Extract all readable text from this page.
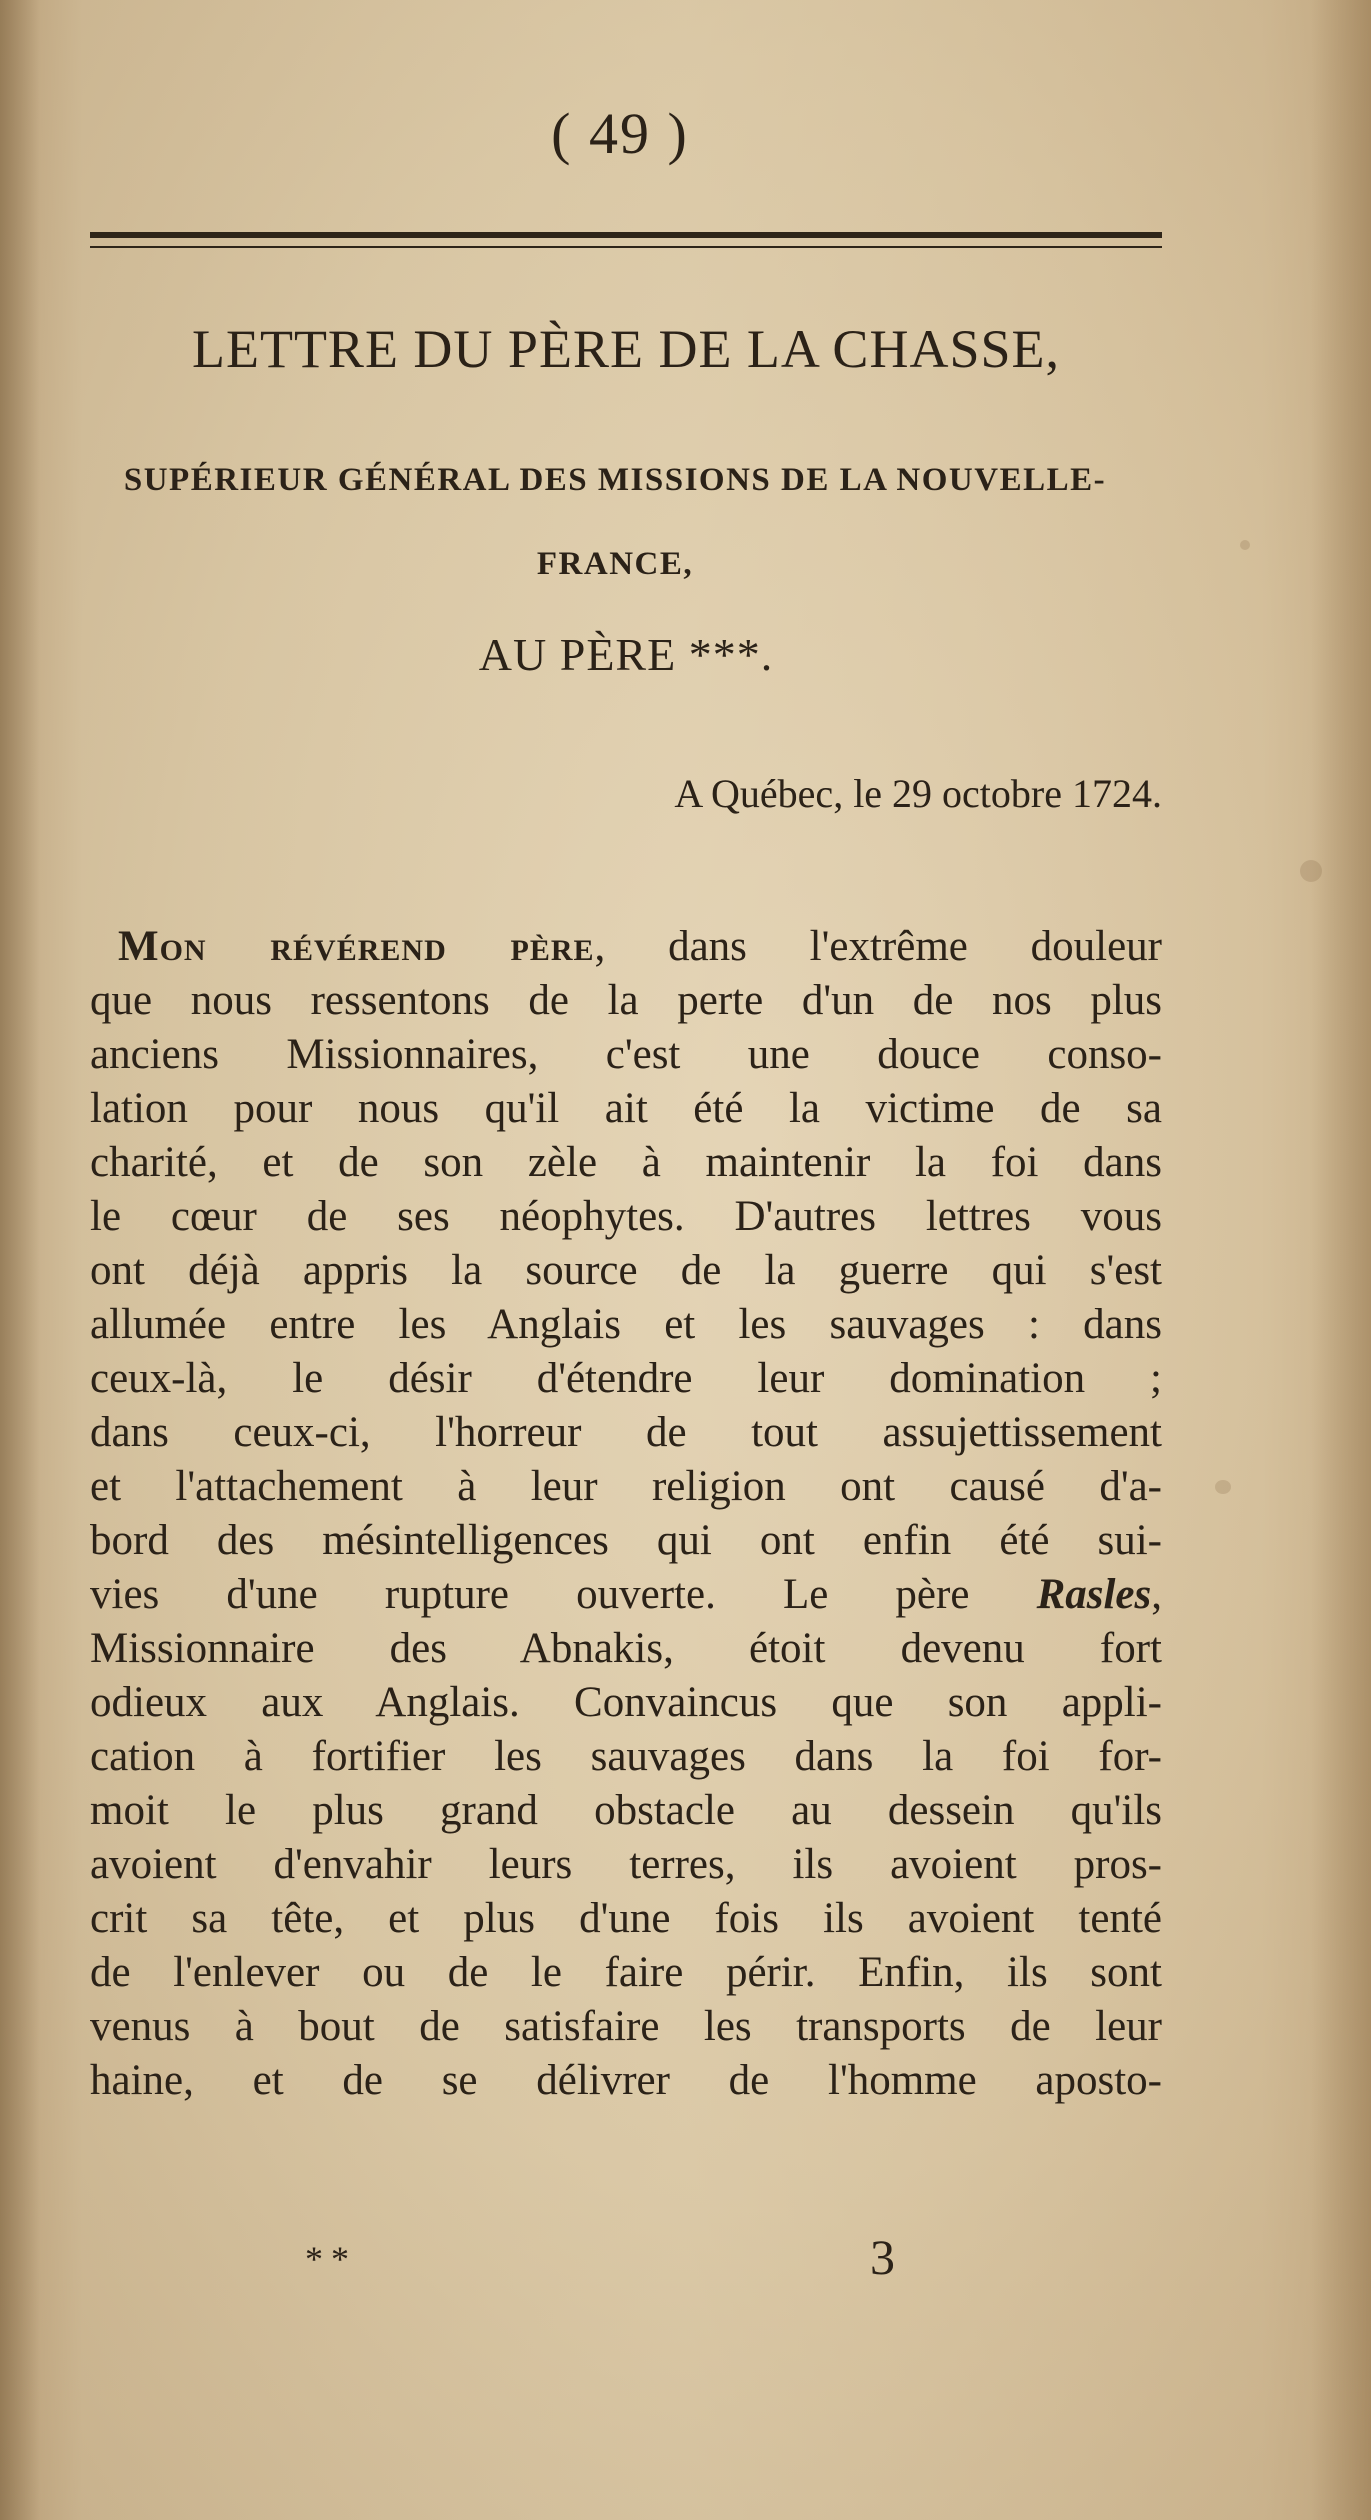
( 49 )
LETTRE DU PÈRE DE LA CHASSE,
SUPÉRIEUR GÉNÉRAL DES MISSIONS DE LA NOUVELLE-
FRANCE,
AU PÈRE ***.
A Québec, le 29 octobre 1724.
Mon révérend père, dans l'extrême douleur
que nous ressentons de la perte d'un de nos plus
anciens Missionnaires, c'est une douce conso-
lation pour nous qu'il ait été la victime de sa
charité, et de son zèle à maintenir la foi dans
le cœur de ses néophytes. D'autres lettres vous
ont déjà appris la source de la guerre qui s'est
allumée entre les Anglais et les sauvages : dans
ceux-là, le désir d'étendre leur domination ;
dans ceux-ci, l'horreur de tout assujettissement
et l'attachement à leur religion ont causé d'a-
bord des mésintelligences qui ont enfin été sui-
vies d'une rupture ouverte. Le père Rasles,
Missionnaire des Abnakis, étoit devenu fort
odieux aux Anglais. Convaincus que son appli-
cation à fortifier les sauvages dans la foi for-
moit le plus grand obstacle au dessein qu'ils
avoient d'envahir leurs terres, ils avoient pros-
crit sa tête, et plus d'une fois ils avoient tenté
de l'enlever ou de le faire périr. Enfin, ils sont
venus à bout de satisfaire les transports de leur
haine, et de se délivrer de l'homme aposto-
**	3
